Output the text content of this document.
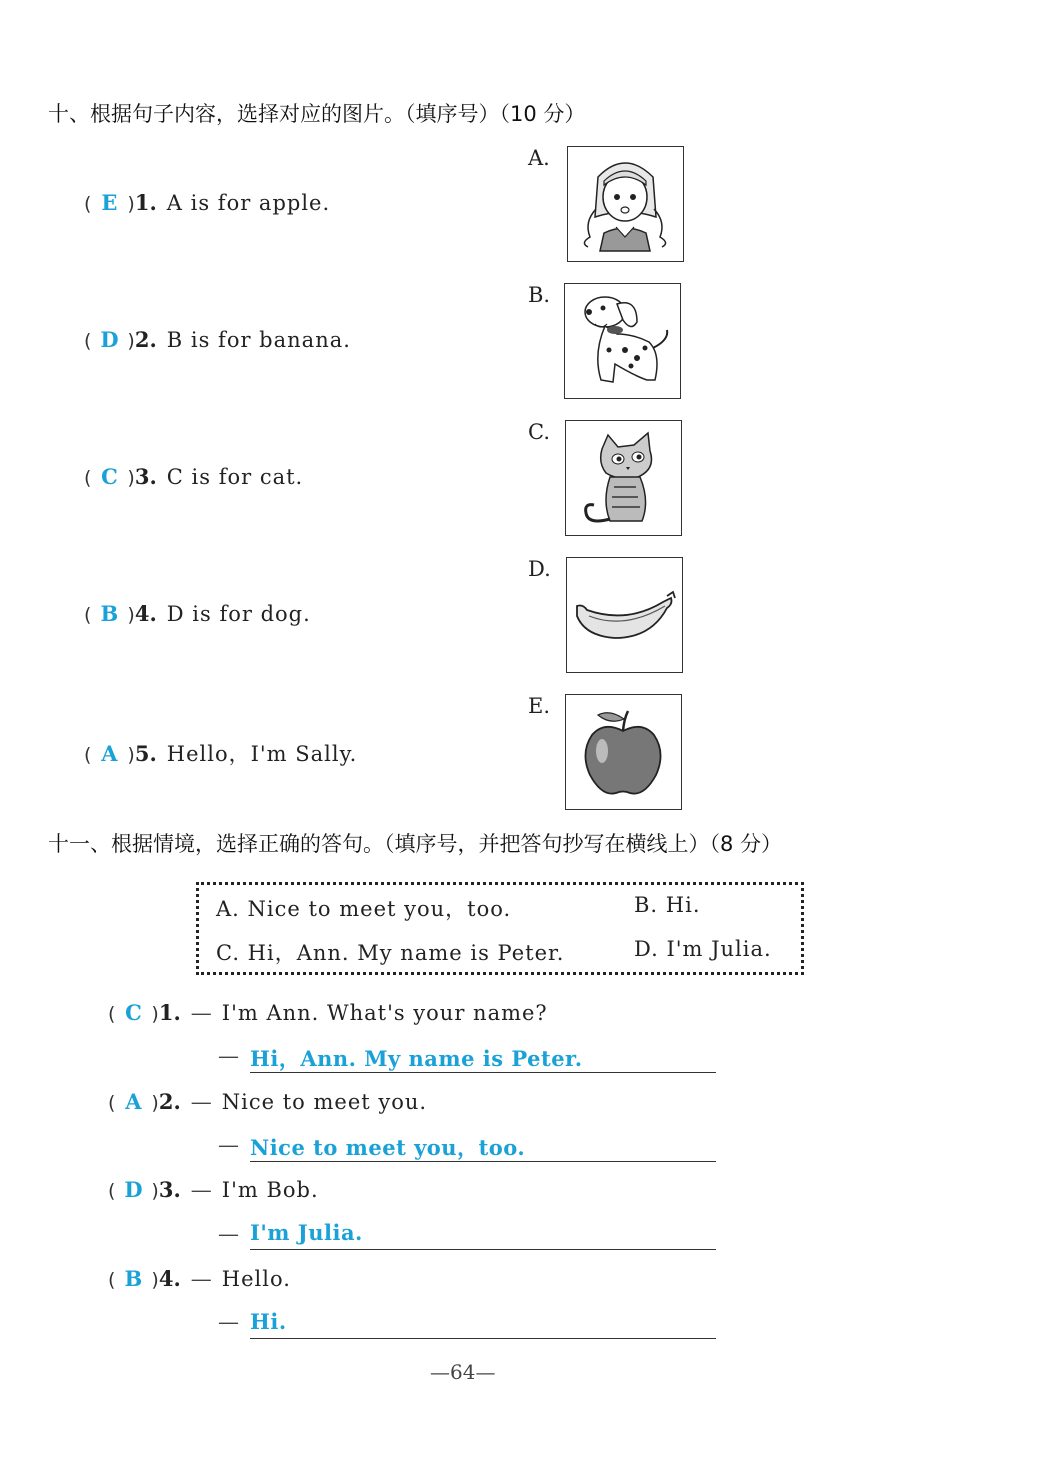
十、根据句子内容，选择对应的图片。（填序号）（10 分）
( E ) 1. A is for apple.
( D ) 2. B is for banana.
( C ) 3. C is for cat.
( B ) 4. D is for dog.
( A ) 5. Hello，I'm Sally.
A.
B.
C.
D.
E.
十一、根据情境，选择正确的答句。（填序号，并把答句抄写在横线上）（8 分）
A. Nice to meet you，too.	B. Hi.
C. Hi，Ann. My name is Peter.	D. I'm Julia.
( C ) 1. — I'm Ann. What's your name?
— Hi，Ann. My name is Peter.
( A ) 2. — Nice to meet you.
— Nice to meet you，too.
( D ) 3. — I'm Bob.
— I'm Julia.
( B ) 4. — Hello.
— Hi.
—64—
